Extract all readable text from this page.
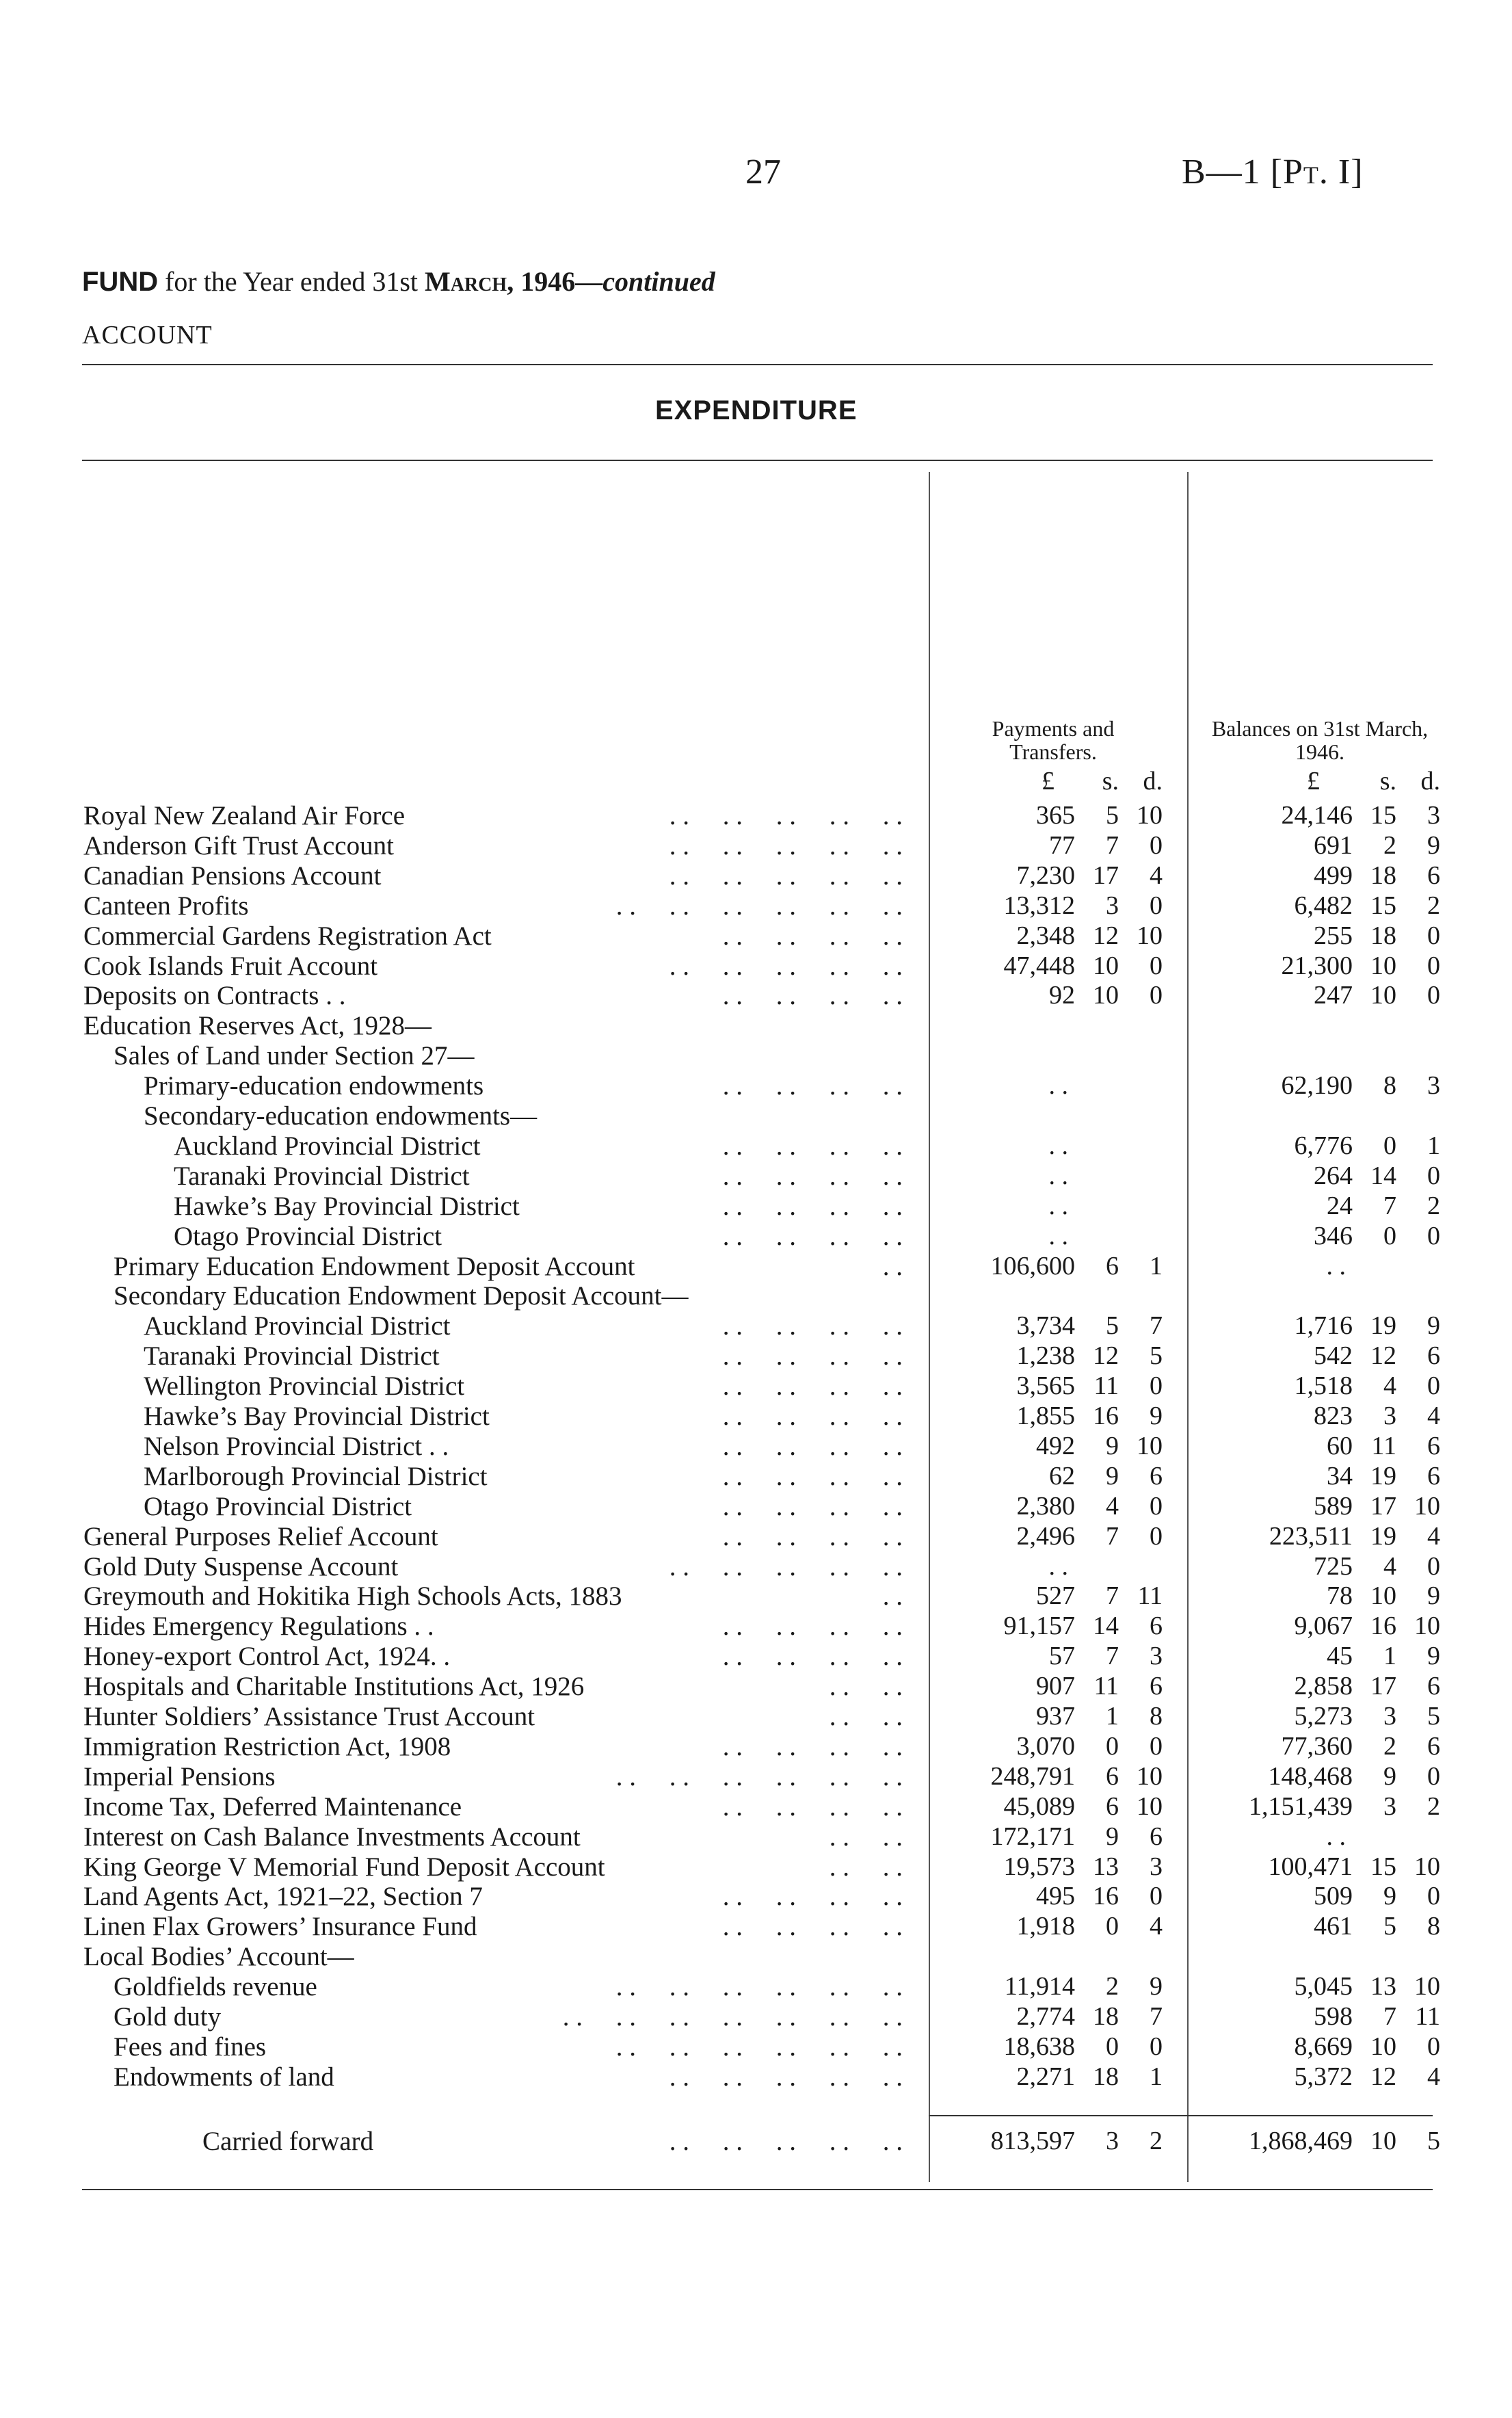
27	B—1 [Pt. I]
FUND for the Year ended 31st March, 1946—continued
ACCOUNT
EXPENDITURE
Payments and Transfers.
Balances on 31st March, 1946.
£	£
s.	s.
d.	d.
Royal New Zealand Air Force	. .     . .     . .     . .     . .	365 5 10	24,146 15 3
Anderson Gift Trust Account	. .     . .     . .     . .     . .	77 7 0	691 2 9
Canadian Pensions Account	. .     . .     . .     . .     . .	7,230 17 4	499 18 6
Canteen Profits	. .     . .     . .     . .     . .     . .	13,312 3 0	6,482 15 2
Commercial Gardens Registration Act	. .     . .     . .     . .	2,348 12 10	255 18 0
Cook Islands Fruit Account	. .     . .     . .     . .     . .	47,448 10 0	21,300 10 0
Deposits on Contracts . .	. .     . .     . .     . .	92 10 0	247 10 0
Education Reserves Act, 1928—
Sales of Land under Section 27—
Primary-education endowments	. .     . .     . .     . .	. .	62,190 8 3
Secondary-education endowments—
Auckland Provincial District	. .     . .     . .     . .	. .	6,776 0 1
Taranaki Provincial District	. .     . .     . .     . .	. .	264 14 0
Hawke’s Bay Provincial District	. .     . .     . .     . .	. .	24 7 2
Otago Provincial District	. .     . .     . .     . .	. .	346 0 0
Primary Education Endowment Deposit Account	. .	106,600 6 1	. .
Secondary Education Endowment Deposit Account—
Auckland Provincial District	. .     . .     . .     . .	3,734 5 7	1,716 19 9
Taranaki Provincial District	. .     . .     . .     . .	1,238 12 5	542 12 6
Wellington Provincial District	. .     . .     . .     . .	3,565 11 0	1,518 4 0
Hawke’s Bay Provincial District	. .     . .     . .     . .	1,855 16 9	823 3 4
Nelson Provincial District . .	. .     . .     . .     . .	492 9 10	60 11 6
Marlborough Provincial District	. .     . .     . .     . .	62 9 6	34 19 6
Otago Provincial District	. .     . .     . .     . .	2,380 4 0	589 17 10
General Purposes Relief Account	. .     . .     . .     . .	2,496 7 0	223,511 19 4
Gold Duty Suspense Account	. .     . .     . .     . .     . .	. .	725 4 0
Greymouth and Hokitika High Schools Acts, 1883	. .	527 7 11	78 10 9
Hides Emergency Regulations . .	. .     . .     . .     . .	91,157 14 6	9,067 16 10
Honey-export Control Act, 1924. .	. .     . .     . .     . .	57 7 3	45 1 9
Hospitals and Charitable Institutions Act, 1926	. .     . .	907 11 6	2,858 17 6
Hunter Soldiers’ Assistance Trust Account	. .     . .	937 1 8	5,273 3 5
Immigration Restriction Act, 1908	. .     . .     . .     . .	3,070 0 0	77,360 2 6
Imperial Pensions	. .     . .     . .     . .     . .     . .	248,791 6 10	148,468 9 0
Income Tax, Deferred Maintenance	. .     . .     . .     . .	45,089 6 10	1,151,439 3 2
Interest on Cash Balance Investments Account	. .     . .	172,171 9 6	. .
King George V Memorial Fund Deposit Account	. .     . .	19,573 13 3	100,471 15 10
Land Agents Act, 1921–22, Section 7	. .     . .     . .     . .	495 16 0	509 9 0
Linen Flax Growers’ Insurance Fund	. .     . .     . .     . .	1,918 0 4	461 5 8
Local Bodies’ Account—
Goldfields revenue	. .     . .     . .     . .     . .     . .	11,914 2 9	5,045 13 10
Gold duty	. .     . .     . .     . .     . .     . .     . .	2,774 18 7	598 7 11
Fees and fines	. .     . .     . .     . .     . .     . .	18,638 0 0	8,669 10 0
Endowments of land	. .     . .     . .     . .     . .	2,271 18 1	5,372 12 4
Carried forward	. .     . .     . .     . .     . .	813,597 3 2	1,868,469 10 5
